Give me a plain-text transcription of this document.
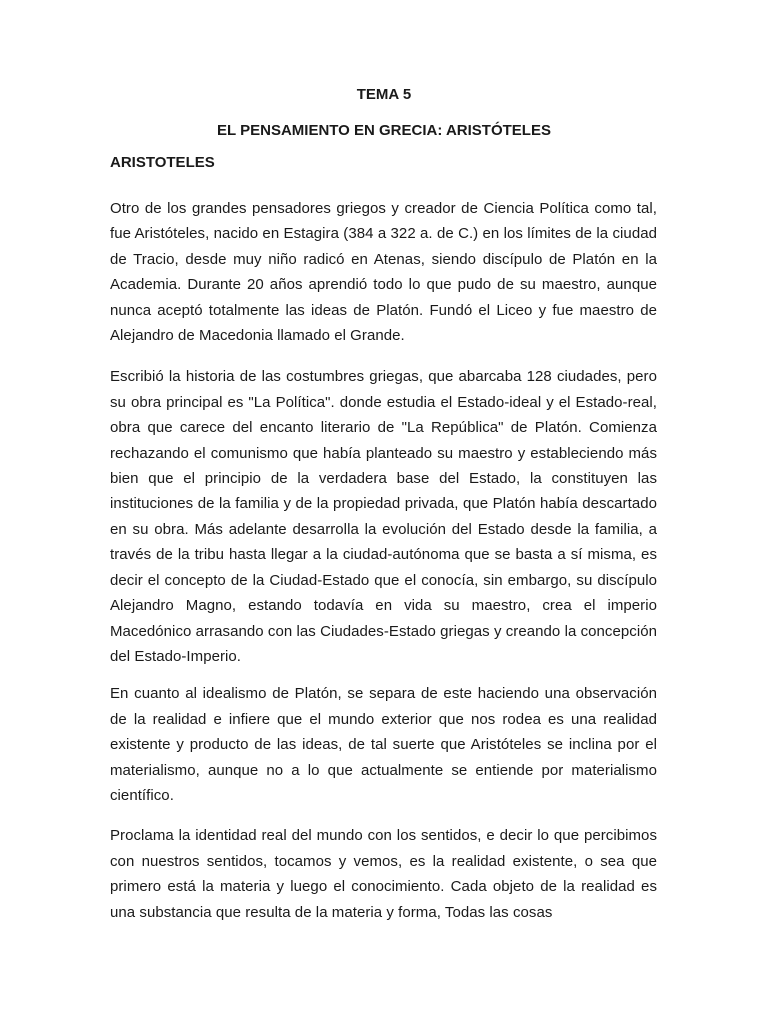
TEMA 5
EL PENSAMIENTO EN GRECIA: ARISTÓTELES
ARISTOTELES

Otro de los grandes pensadores griegos y creador de Ciencia Política como tal, fue Aristóteles, nacido en Estagira (384 a 322 a. de C.) en los límites de la ciudad de Tracio, desde muy niño radicó en Atenas, siendo discípulo de Platón en la Academia. Durante 20 años aprendió todo lo que pudo de su maestro, aunque nunca aceptó totalmente las ideas de Platón. Fundó el Liceo y fue maestro de Alejandro de Macedonia llamado el Grande.

Escribió la historia de las costumbres griegas, que abarcaba 128 ciudades, pero su obra principal es "La Política". donde estudia el Estado-ideal y el Estado-real, obra que carece del encanto literario de "La República" de Platón. Comienza rechazando el comunismo que había planteado su maestro y estableciendo más bien que el principio de la verdadera base del Estado, la constituyen las instituciones de la familia y de la propiedad privada, que Platón había descartado en su obra. Más adelante desarrolla la evolución del Estado desde la familia, a través de la tribu hasta llegar a la ciudad-autónoma que se basta a sí misma, es decir el concepto de la Ciudad-Estado que el conocía, sin embargo, su discípulo Alejandro Magno, estando todavía en vida su maestro, crea el imperio Macedónico arrasando con las Ciudades-Estado griegas y creando la concepción del Estado-Imperio.

En cuanto al idealismo de Platón, se separa de este haciendo una observación de la realidad e infiere que el mundo exterior que nos rodea es una realidad existente y producto de las ideas, de tal suerte que Aristóteles se inclina por el materialismo, aunque no a lo que actualmente se entiende por materialismo científico.

Proclama la identidad real del mundo con los sentidos, e decir lo que percibimos con nuestros sentidos, tocamos y vemos, es la realidad existente, o sea que primero está la materia y luego el conocimiento. Cada objeto de la realidad es una substancia que resulta de la materia y forma, Todas las cosas
